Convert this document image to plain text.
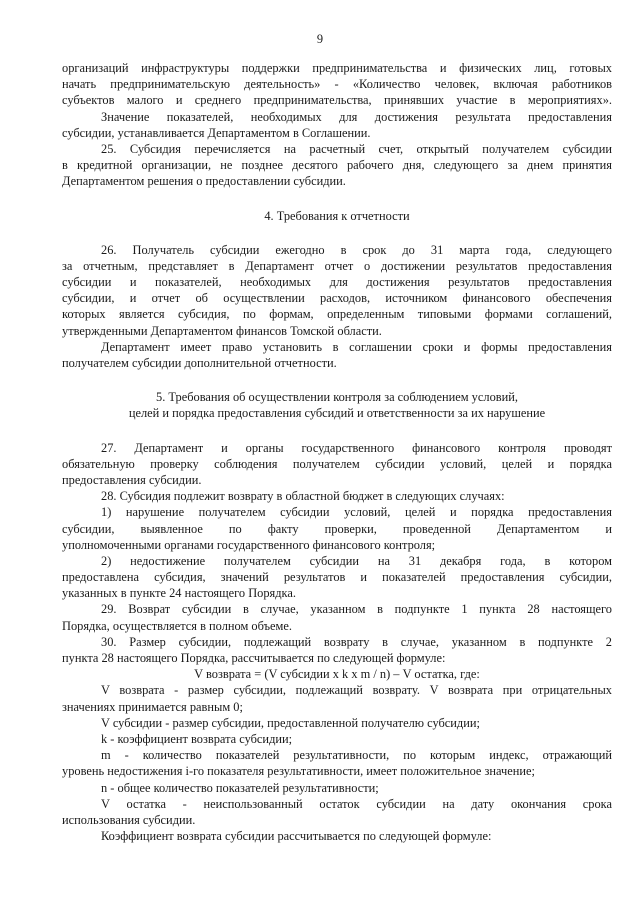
9
организаций инфраструктуры поддержки предпринимательства и физических лиц, готовых
начать предпринимательскую деятельность» - «Количество человек, включая работников
субъектов малого и среднего предпринимательства, принявших участие в мероприятиях».
Значение показателей, необходимых для достижения результата предоставления
субсидии, устанавливается Департаментом в Соглашении.
25. Субсидия перечисляется на расчетный счет, открытый получателем субсидии
в кредитной организации, не позднее десятого рабочего дня, следующего за днем принятия
Департаментом решения о предоставлении субсидии.
4. Требования к отчетности
26. Получатель субсидии ежегодно в срок до 31 марта года, следующего
за отчетным, представляет в Департамент отчет о достижении результатов предоставления
субсидии и показателей, необходимых для достижения результатов предоставления
субсидии, и отчет об осуществлении расходов, источником финансового обеспечения
которых является субсидия, по формам, определенным типовыми формами соглашений,
утвержденными Департаментом финансов Томской области.
Департамент имеет право установить в соглашении сроки и формы предоставления
получателем субсидии дополнительной отчетности.
5. Требования об осуществлении контроля за соблюдением условий,
целей и порядка предоставления субсидий и ответственности за их нарушение
27. Департамент и органы государственного финансового контроля проводят
обязательную проверку соблюдения получателем субсидии условий, целей и порядка
предоставления субсидии.
28. Субсидия подлежит возврату в областной бюджет в следующих случаях:
1) нарушение получателем субсидии условий, целей и порядка предоставления
субсидии, выявленное по факту проверки, проведенной Департаментом и
уполномоченными органами государственного финансового контроля;
2) недостижение получателем субсидии на 31 декабря года, в котором
предоставлена субсидия, значений результатов и показателей предоставления субсидии,
указанных в пункте 24 настоящего Порядка.
29. Возврат субсидии в случае, указанном в подпункте 1 пункта 28 настоящего
Порядка, осуществляется в полном объеме.
30. Размер субсидии, подлежащий возврату в случае, указанном в подпункте 2
пункта 28 настоящего Порядка, рассчитывается по следующей формуле:
V возврата = (V субсидии х k х m / n) – V остатка, где:
V возврата - размер субсидии, подлежащий возврату. V возврата при отрицательных
значениях принимается равным 0;
V субсидии - размер субсидии, предоставленной получателю субсидии;
k - коэффициент возврата субсидии;
m - количество показателей результативности, по которым индекс, отражающий
уровень недостижения i-го показателя результативности, имеет положительное значение;
n - общее количество показателей результативности;
V остатка - неиспользованный остаток субсидии на дату окончания срока
использования субсидии.
Коэффициент возврата субсидии рассчитывается по следующей формуле:
